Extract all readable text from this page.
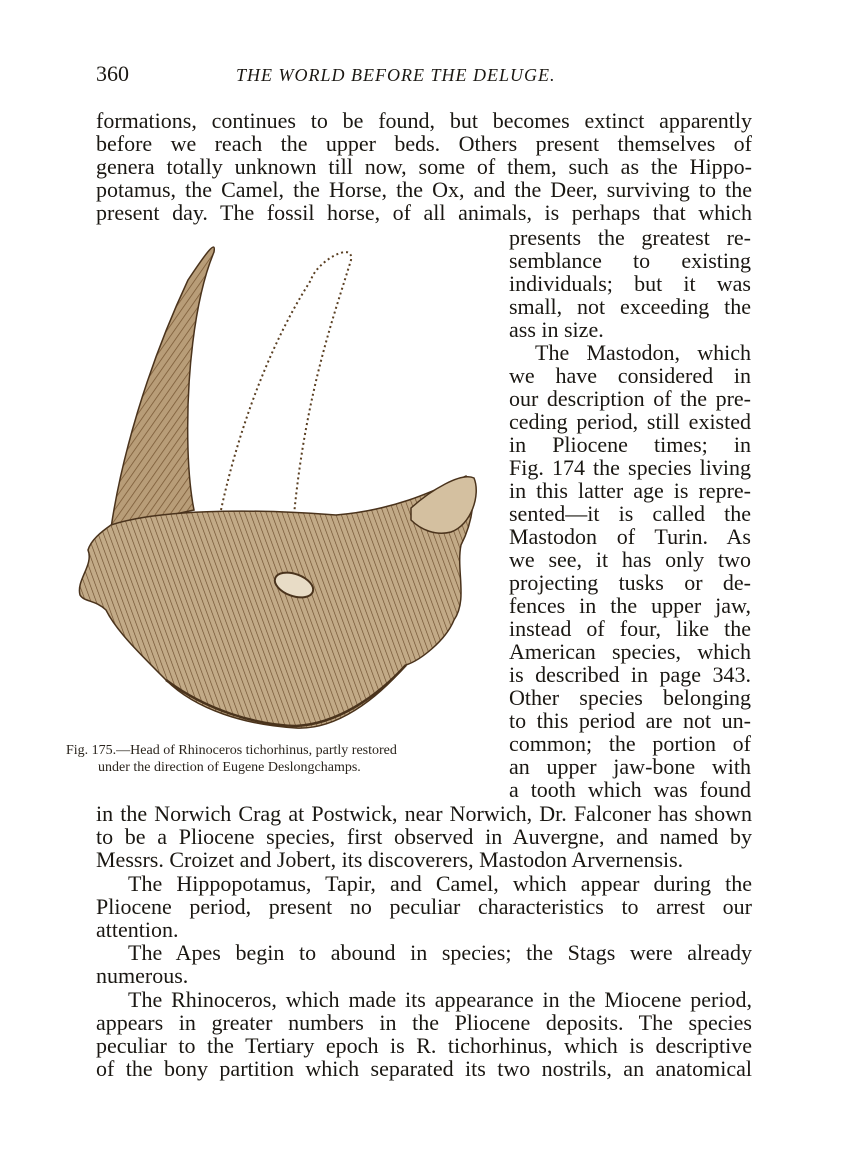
360	THE WORLD BEFORE THE DELUGE.
formations, continues to be found, but becomes extinct apparently
before we reach the upper beds. Others present themselves of
genera totally unknown till now, some of them, such as the Hippo-
potamus, the Camel, the Horse, the Ox, and the Deer, surviving to the
present day. The fossil horse, of all animals, is perhaps that which
presents the greatest re-
semblance to existing
individuals; but it was
small, not exceeding the
ass in size.
The Mastodon, which
we have considered in
our description of the pre-
ceding period, still existed
in Pliocene times; in
Fig. 174 the species living
in this latter age is repre-
sented—it is called the
Mastodon of Turin. As
we see, it has only two
projecting tusks or de-
fences in the upper jaw,
instead of four, like the
American species, which
is described in page 343.
Other species belonging
to this period are not un-
common; the portion of
an upper jaw-bone with
a tooth which was found
in the Norwich Crag at Postwick, near Norwich, Dr. Falconer has shown
to be a Pliocene species, first observed in Auvergne, and named by
Messrs. Croizet and Jobert, its discoverers, Mastodon Arvernensis.
The Hippopotamus, Tapir, and Camel, which appear during the
Pliocene period, present no peculiar characteristics to arrest our
attention.
The Apes begin to abound in species; the Stags were already
numerous.
The Rhinoceros, which made its appearance in the Miocene period,
appears in greater numbers in the Pliocene deposits. The species
peculiar to the Tertiary epoch is R. tichorhinus, which is descriptive
of the bony partition which separated its two nostrils, an anatomical
Fig. 175.—Head of Rhinoceros tichorhinus, partly restored
under the direction of Eugene Deslongchamps.
